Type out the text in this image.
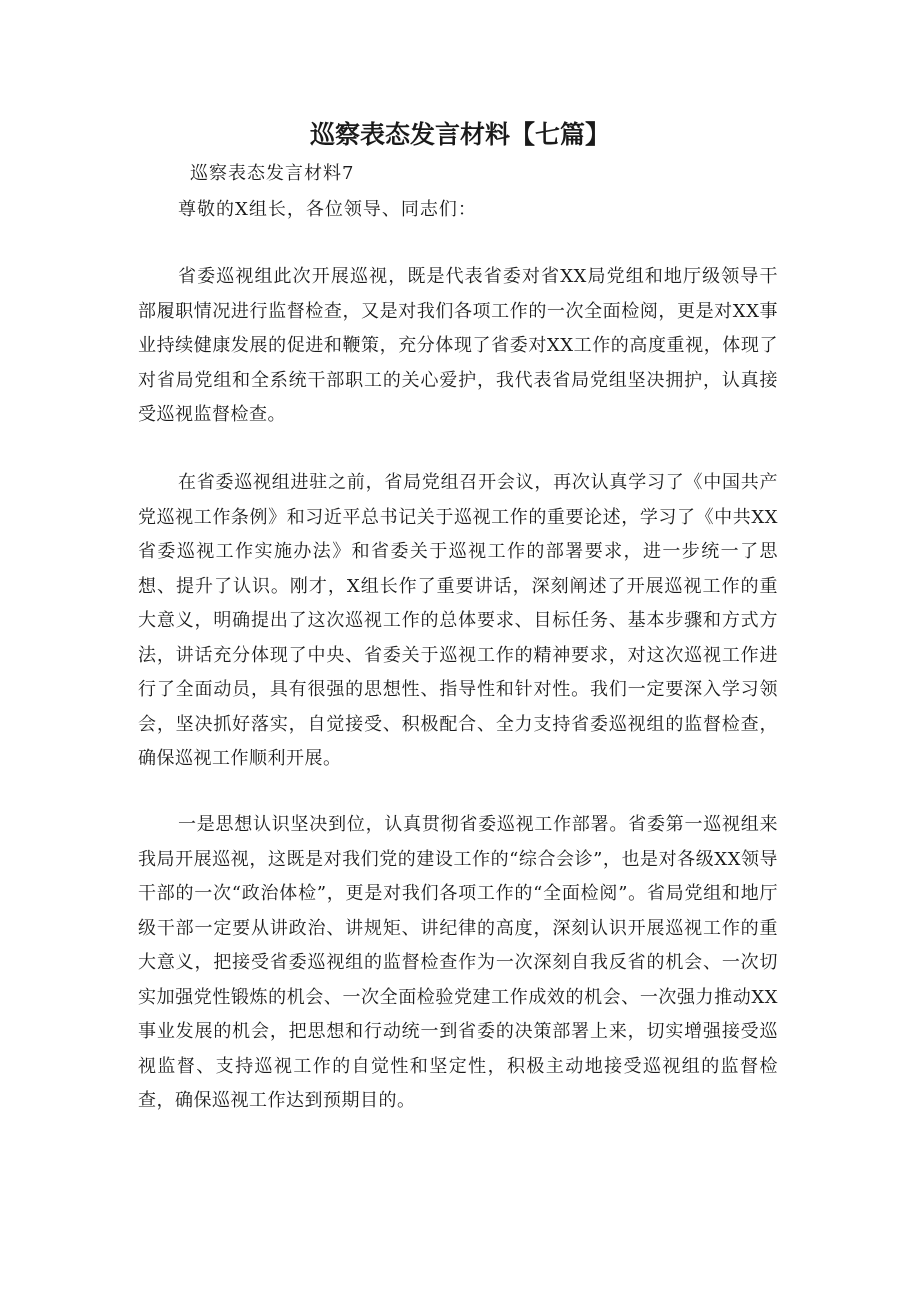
巡察表态发言材料【七篇】

巡察表态发言材料7

尊敬的X组长，各位领导、同志们：

省委巡视组此次开展巡视，既是代表省委对省XX局党组和地厅级领导干部履职情况进行监督检查，又是对我们各项工作的一次全面检阅，更是对XX事业持续健康发展的促进和鞭策，充分体现了省委对XX工作的高度重视，体现了对省局党组和全系统干部职工的关心爱护，我代表省局党组坚决拥护，认真接受巡视监督检查。

在省委巡视组进驻之前，省局党组召开会议，再次认真学习了《中国共产党巡视工作条例》和习近平总书记关于巡视工作的重要论述，学习了《中共XX省委巡视工作实施办法》和省委关于巡视工作的部署要求，进一步统一了思想、提升了认识。刚才，X组长作了重要讲话，深刻阐述了开展巡视工作的重大意义，明确提出了这次巡视工作的总体要求、目标任务、基本步骤和方式方法，讲话充分体现了中央、省委关于巡视工作的精神要求，对这次巡视工作进行了全面动员，具有很强的思想性、指导性和针对性。我们一定要深入学习领会，坚决抓好落实，自觉接受、积极配合、全力支持省委巡视组的监督检查，确保巡视工作顺利开展。

一是思想认识坚决到位，认真贯彻省委巡视工作部署。省委第一巡视组来我局开展巡视，这既是对我们党的建设工作的“综合会诊”，也是对各级XX领导干部的一次“政治体检”，更是对我们各项工作的“全面检阅”。省局党组和地厅级干部一定要从讲政治、讲规矩、讲纪律的高度，深刻认识开展巡视工作的重大意义，把接受省委巡视组的监督检查作为一次深刻自我反省的机会、一次切实加强党性锻炼的机会、一次全面检验党建工作成效的机会、一次强力推动XX事业发展的机会，把思想和行动统一到省委的决策部署上来，切实增强接受巡视监督、支持巡视工作的自觉性和坚定性，积极主动地接受巡视组的监督检查，确保巡视工作达到预期目的。
